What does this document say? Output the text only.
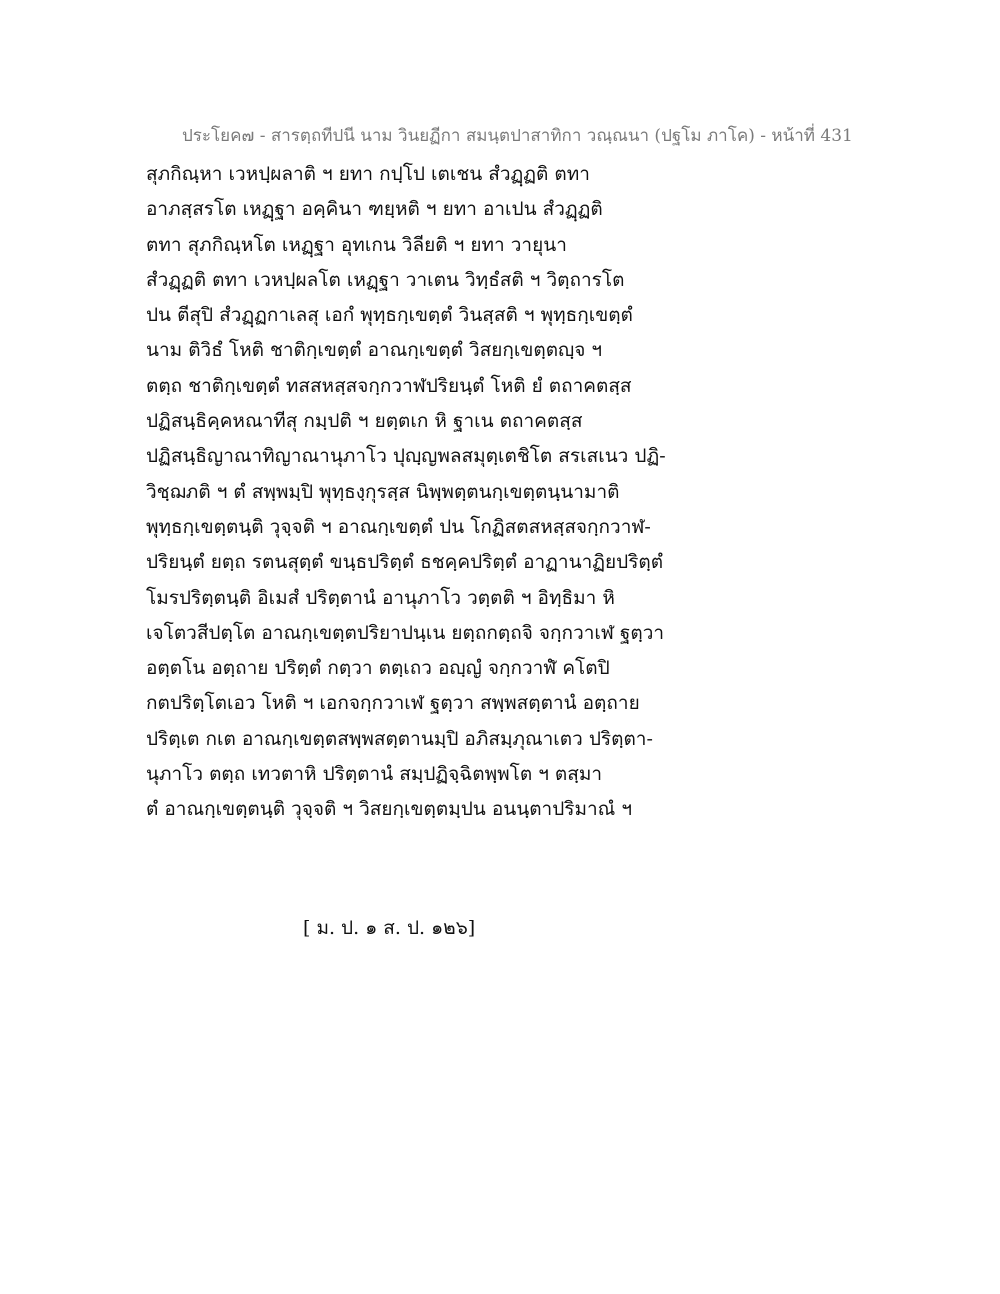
ประโยค๗ - สารตฺถทีปนี นาม วินยฏีกา สมนฺตปาสาทิกา วณฺณนา (ปฐโม ภาโค) - หน้าที่ 431
สุภกิณฺหา เวหปฺผลาติ ฯ ยทา กปฺโป เตเชน สํวฏฺฏติ ตทา
อาภสฺสรโต เหฏฺฐา อคฺคินา ฑยฺหติ ฯ ยทา อาเปน สํวฏฺฏติ
ตทา สุภกิณฺหโต เหฏฺฐา อุทเกน วิลียติ ฯ ยทา วายุนา
สํวฏฺฏติ ตทา เวหปฺผลโต เหฏฺฐา วาเตน วิทฺธํสติ ฯ วิตฺถารโต
ปน ตีสุปิ สํวฏฺฏกาเลสุ เอกํ พุทฺธกฺเขตฺตํ วินสฺสติ ฯ พุทฺธกฺเขตฺตํ
นาม ติวิธํ โหติ ชาติกฺเขตฺตํ อาณกฺเขตฺตํ วิสยกฺเขตฺตญฺจ ฯ
ตตฺถ ชาติกฺเขตฺตํ ทสสหสฺสจกฺกวาฬปริยนฺตํ โหติ ยํ ตถาคตสฺส
ปฏิสนฺธิคฺคหณาทีสุ กมฺปติ ฯ ยตฺตเก หิ ฐาเน ตถาคตสฺส
ปฏิสนฺธิญาณาทิญาณานุภาโว ปุญฺญพลสมุตฺเตชิโต สรเสเนว ปฏิ-
วิชฺฌภติ ฯ ตํ สพฺพมฺปิ พุทฺธงฺกุรสฺส นิพฺพตฺตนกฺเขตฺตนฺนามาติ
พุทฺธกฺเขตฺตนฺติ วุจฺจติ ฯ อาณกฺเขตฺตํ ปน โกฏิสตสหสฺสจกฺกวาฬ-
ปริยนฺตํ ยตฺถ รตนสุตฺตํ ขนฺธปริตฺตํ ธชคฺคปริตฺตํ อาฏานาฏิยปริตฺตํ
โมรปริตฺตนฺติ อิเมสํ ปริตฺตานํ อานุภาโว วตฺตติ ฯ อิทฺธิมา หิ
เจโตวสีปตฺโต อาณกฺเขตฺตปริยาปนฺเน ยตฺถกตฺถจิ จกฺกวาเฬ ฐตฺวา
อตฺตโน อตฺถาย ปริตฺตํ กตฺวา ตตฺเถว อญฺญํ จกฺกวาฬํ คโตปิ
กตปริตฺโตเอว โหติ ฯ เอกจกฺกวาเฬ ฐตฺวา สพฺพสตฺตานํ อตฺถาย
ปริตฺเต กเต อาณกฺเขตฺตสพฺพสตฺตานมฺปิ อภิสมฺภุณาเตว ปริตฺตา-
นุภาโว ตตฺถ เทวตาหิ ปริตฺตานํ สมฺปฏิจฺฉิตพฺพโต ฯ ตสฺมา
ตํ อาณกฺเขตฺตนฺติ วุจฺจติ ฯ วิสยกฺเขตฺตมฺปน อนนฺตาปริมาณํ ฯ
[ ม. ป. ๑ ส. ป. ๑๒๖]
